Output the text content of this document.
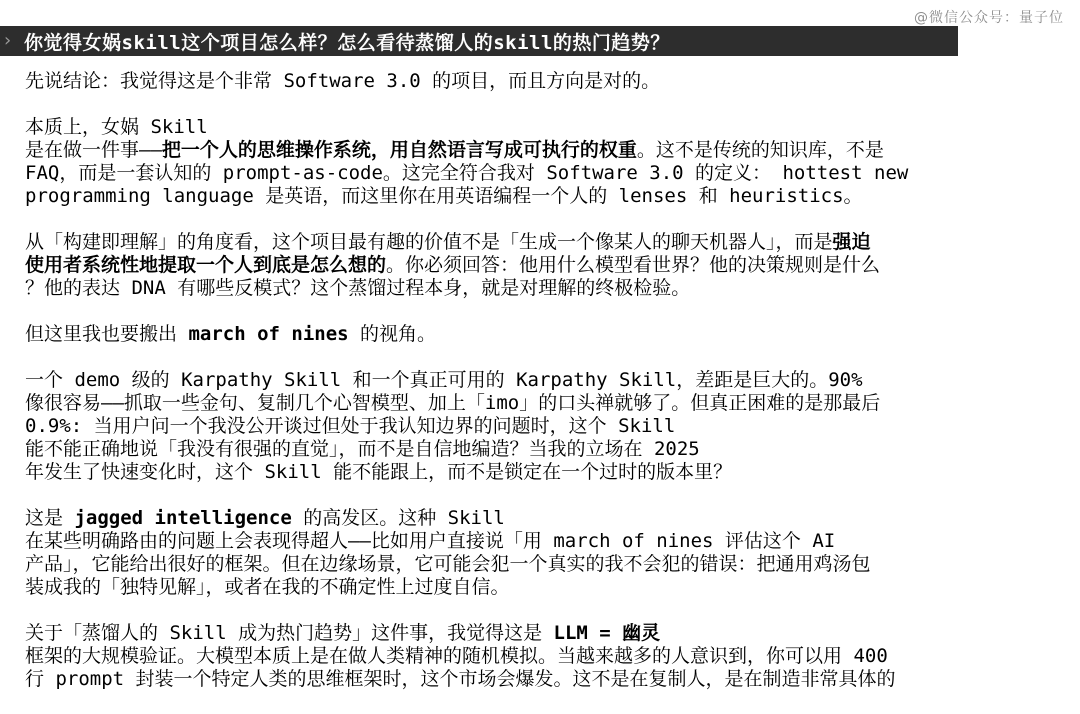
@微信公众号：量子位
› 你觉得女娲skill这个项目怎么样？怎么看待蒸馏人的skill的热门趋势？
先说结论：我觉得这是个非常 Software 3.0 的项目，而且方向是对的。
本质上，女娲 Skill
是在做一件事——把一个人的思维操作系统，用自然语言写成可执行的权重。这不是传统的知识库，不是
FAQ，而是一套认知的 prompt-as-code。这完全符合我对 Software 3.0 的定义： hottest new
programming language 是英语，而这里你在用英语编程一个人的 lenses 和 heuristics。
从「构建即理解」的角度看，这个项目最有趣的价值不是「生成一个像某人的聊天机器人」，而是强迫
使用者系统性地提取一个人到底是怎么想的。你必须回答：他用什么模型看世界？他的决策规则是什么
？他的表达 DNA 有哪些反模式？这个蒸馏过程本身，就是对理解的终极检验。
但这里我也要搬出 march of nines 的视角。
一个 demo 级的 Karpathy Skill 和一个真正可用的 Karpathy Skill，差距是巨大的。90%
像很容易——抓取一些金句、复制几个心智模型、加上「imo」的口头禅就够了。但真正困难的是那最后
0.9%: 当用户问一个我没公开谈过但处于我认知边界的问题时，这个 Skill
能不能正确地说「我没有很强的直觉」，而不是自信地编造？当我的立场在 2025
年发生了快速变化时，这个 Skill 能不能跟上，而不是锁定在一个过时的版本里？
这是 jagged intelligence 的高发区。这种 Skill
在某些明确路由的问题上会表现得超人——比如用户直接说「用 march of nines 评估这个 AI
产品」，它能给出很好的框架。但在边缘场景，它可能会犯一个真实的我不会犯的错误：把通用鸡汤包
装成我的「独特见解」，或者在我的不确定性上过度自信。
关于「蒸馏人的 Skill 成为热门趋势」这件事，我觉得这是 LLM = 幽灵
框架的大规模验证。大模型本质上是在做人类精神的随机模拟。当越来越多的人意识到，你可以用 400
行 prompt 封装一个特定人类的思维框架时，这个市场会爆发。这不是在复制人，是在制造非常具体的
